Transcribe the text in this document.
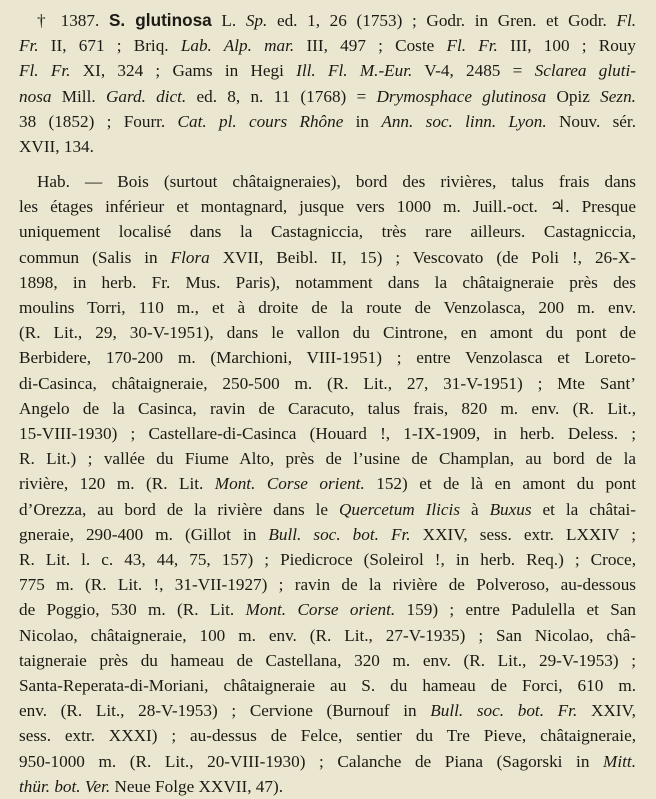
† 1387. S. glutinosa L. Sp. ed. 1, 26 (1753) ; Godr. in Gren. et Godr. Fl.
Fr. II, 671 ; Briq. Lab. Alp. mar. III, 497 ; Coste Fl. Fr. III, 100 ; Rouy
Fl. Fr. XI, 324 ; Gams in Hegi Ill. Fl. M.-Eur. V-4, 2485 = Sclarea gluti-
nosa Mill. Gard. dict. ed. 8, n. 11 (1768) = Drymosphace glutinosa Opiz Sezn.
38 (1852) ; Fourr. Cat. pl. cours Rhône in Ann. soc. linn. Lyon. Nouv. sér.
XVII, 134.
Hab. — Bois (surtout châtaigneraies), bord des rivières, talus frais dans
les étages inférieur et montagnard, jusque vers 1000 m. Juill.-oct. ♃. Presque
uniquement localisé dans la Castagniccia, très rare ailleurs. Castagniccia,
commun (Salis in Flora XVII, Beibl. II, 15) ; Vescovato (de Poli !, 26-X-
1898, in herb. Fr. Mus. Paris), notamment dans la châtaigneraie près des
moulins Torri, 110 m., et à droite de la route de Venzolasca, 200 m. env.
(R. Lit., 29, 30-V-1951), dans le vallon du Cintrone, en amont du pont de
Berbidere, 170-200 m. (Marchioni, VIII-1951) ; entre Venzolasca et Loreto-
di-Casinca, châtaigneraie, 250-500 m. (R. Lit., 27, 31-V-1951) ; Mte Sant’
Angelo de la Casinca, ravin de Caracuto, talus frais, 820 m. env. (R. Lit.,
15-VIII-1930) ; Castellare-di-Casinca (Houard !, 1-IX-1909, in herb. Deless. ;
R. Lit.) ; vallée du Fiume Alto, près de l’usine de Champlan, au bord de la
rivière, 120 m. (R. Lit. Mont. Corse orient. 152) et de là en amont du pont
d’Orezza, au bord de la rivière dans le Quercetum Ilicis à Buxus et la châtai-
gneraie, 290-400 m. (Gillot in Bull. soc. bot. Fr. XXIV, sess. extr. LXXIV ;
R. Lit. l. c. 43, 44, 75, 157) ; Piedicroce (Soleirol !, in herb. Req.) ; Croce,
775 m. (R. Lit. !, 31-VII-1927) ; ravin de la rivière de Polveroso, au-dessous
de Poggio, 530 m. (R. Lit. Mont. Corse orient. 159) ; entre Padulella et San
Nicolao, châtaigneraie, 100 m. env. (R. Lit., 27-V-1935) ; San Nicolao, châ-
taigneraie près du hameau de Castellana, 320 m. env. (R. Lit., 29-V-1953) ;
Santa-Reperata-di-Moriani, châtaigneraie au S. du hameau de Forci, 610 m.
env. (R. Lit., 28-V-1953) ; Cervione (Burnouf in Bull. soc. bot. Fr. XXIV,
sess. extr. XXXI) ; au-dessus de Felce, sentier du Tre Pieve, châtaigneraie,
950-1000 m. (R. Lit., 20-VIII-1930) ; Calanche de Piana (Sagorski in Mitt.
thür. bot. Ver. Neue Folge XXVII, 47).
